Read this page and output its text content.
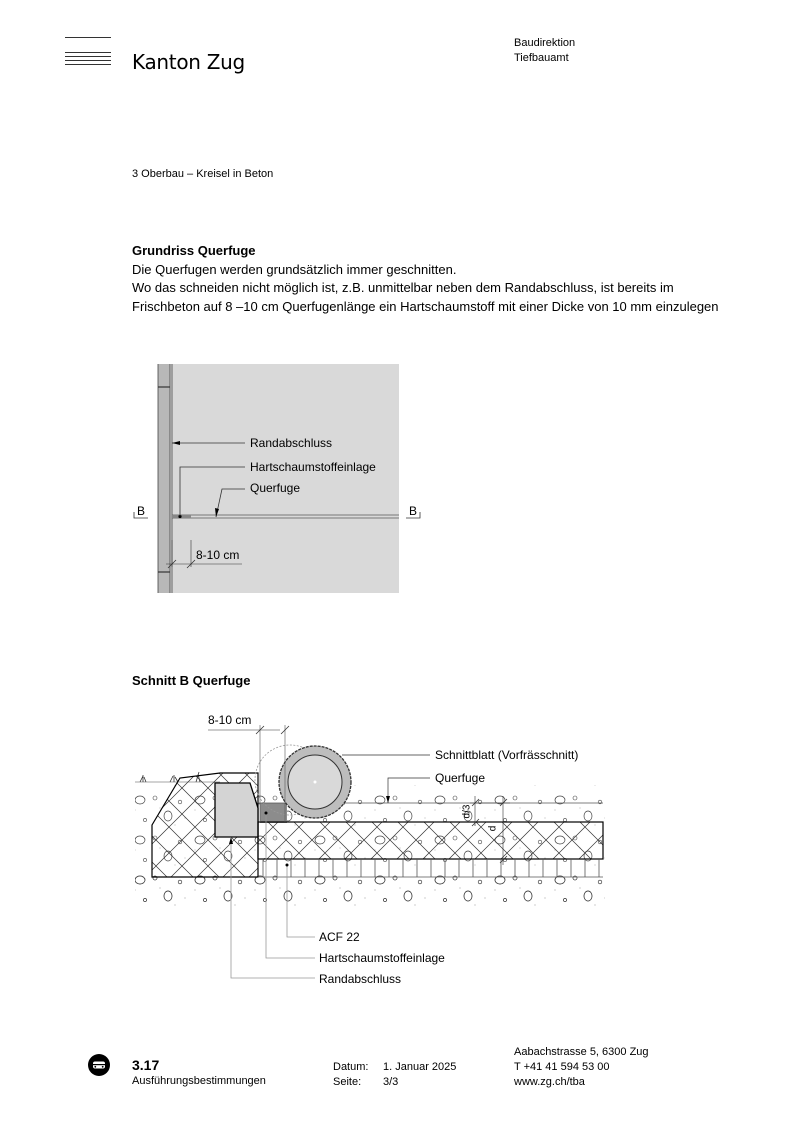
Kanton Zug
Baudirektion
Tiefbauamt
3 Oberbau – Kreisel in Beton
Grundriss Querfuge
Die Querfugen werden grundsätzlich immer geschnitten.
Wo das schneiden nicht möglich ist, z.B. unmittelbar neben dem Randabschluss, ist bereits im Frischbeton auf 8 –10 cm Querfugenlänge ein Hartschaumstoff mit einer Dicke von 10 mm einzulegen
Randabschluss
Hartschaumstoffeinlage
Querfuge
8-10 cm
B	B
Schnitt B Querfuge
8-10 cm
Schnittblatt (Vorfrässchnitt)
Querfuge
d/3
d
ACF 22
Hartschaumstoffeinlage
Randabschluss
3.17
Ausführungsbestimmungen
Datum: 1. Januar 2025
Seite: 3/3
Aabachstrasse 5, 6300 Zug
T +41 41 594 53 00
www.zg.ch/tba
